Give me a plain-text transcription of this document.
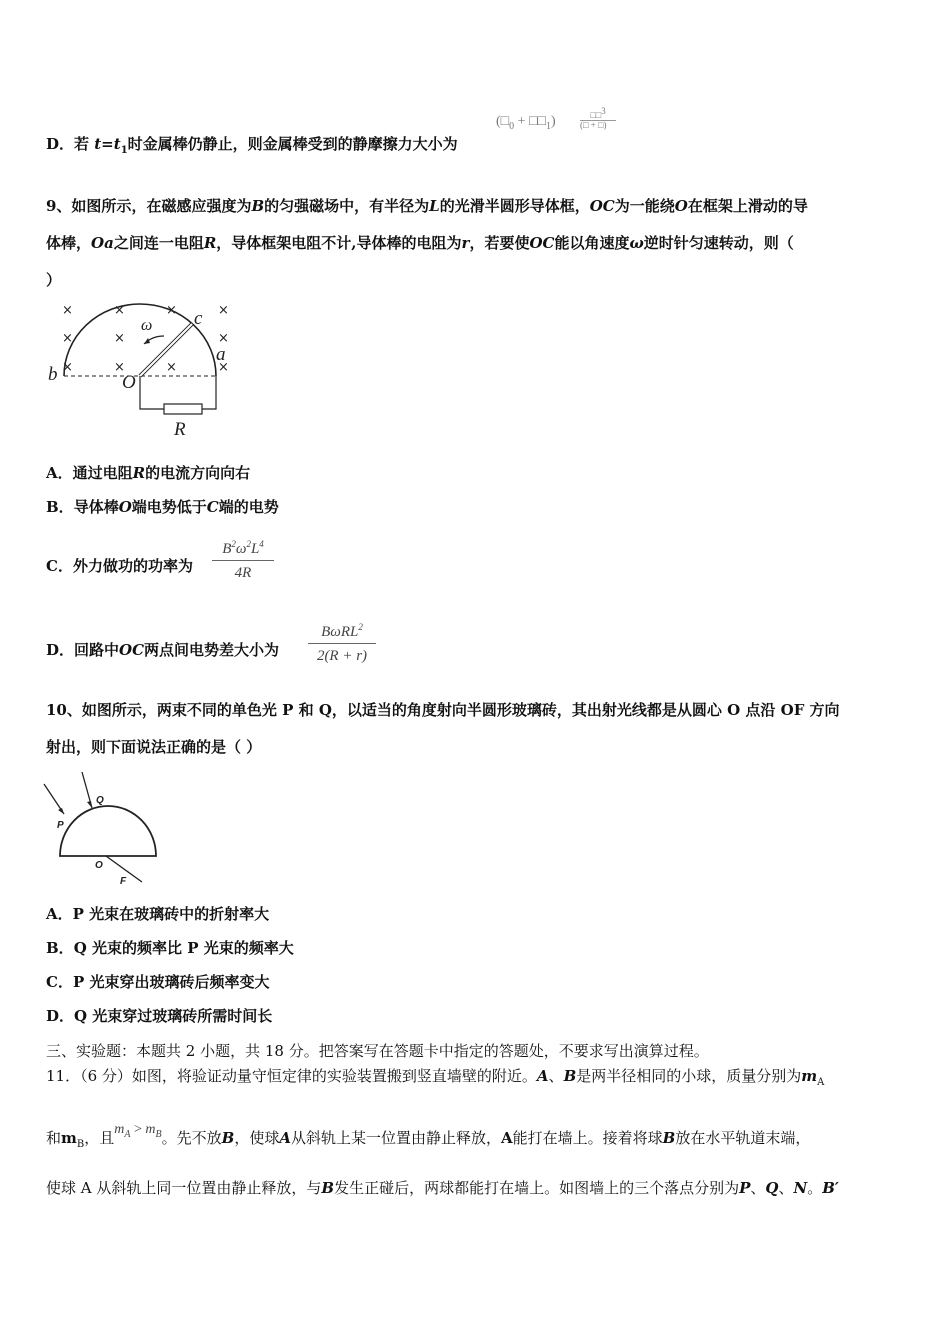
D．若 $t=t_1$时金属棒仍静止，则金属棒受到的静摩擦力大小为
($□_0$ + $□□_1$)	□□3
(□ + □)
9、如图所示，在磁感应强度为B的匀强磁场中，有半径为L的光滑半圆形导体框，OC为一能绕O在框架上滑动的导
体棒，Oa之间连一电阻R，导体框架电阻不计,导体棒的电阻为r，若要使OC能以角速度ω逆时针匀速转动，则（
）
×	×	×	×
×	×	×
×	×	×	×
b	O
c
a
R
ω
A．通过电阻R的电流方向向右
B．导体棒O端电势低于C端的电势
C．外力做功的功率为
$B^2\omega^2L^4$
4R
D．回路中OC两点间电势差大小为
BωRL$^2$
2(R + r)
10、如图所示，两束不同的单色光 P 和 Q，以适当的角度射向半圆形玻璃砖，其出射光线都是从圆心 O 点沿 OF 方向
射出，则下面说法正确的是（ ）
P
Q
O
F
A．P 光束在玻璃砖中的折射率大
B．Q 光束的频率比 P 光束的频率大
C．P 光束穿出玻璃砖后频率变大
D．Q 光束穿过玻璃砖所需时间长
三、实验题：本题共 2 小题，共 18 分。把答案写在答题卡中指定的答题处，不要求写出演算过程。
11．（6 分）如图，将验证动量守恒定律的实验装置搬到竖直墙壁的附近。A、B是两半径相同的小球，质量分别为$m_A$
和$m_B$，且$m_A > m_B$。先不放B，使球A从斜轨上某一位置由静止释放，A能打在墙上。接着将球B放在水平轨道末端，
使球 A 从斜轨上同一位置由静止释放，与B发生正碰后，两球都能打在墙上。如图墙上的三个落点分别为P、Q、N。B′
